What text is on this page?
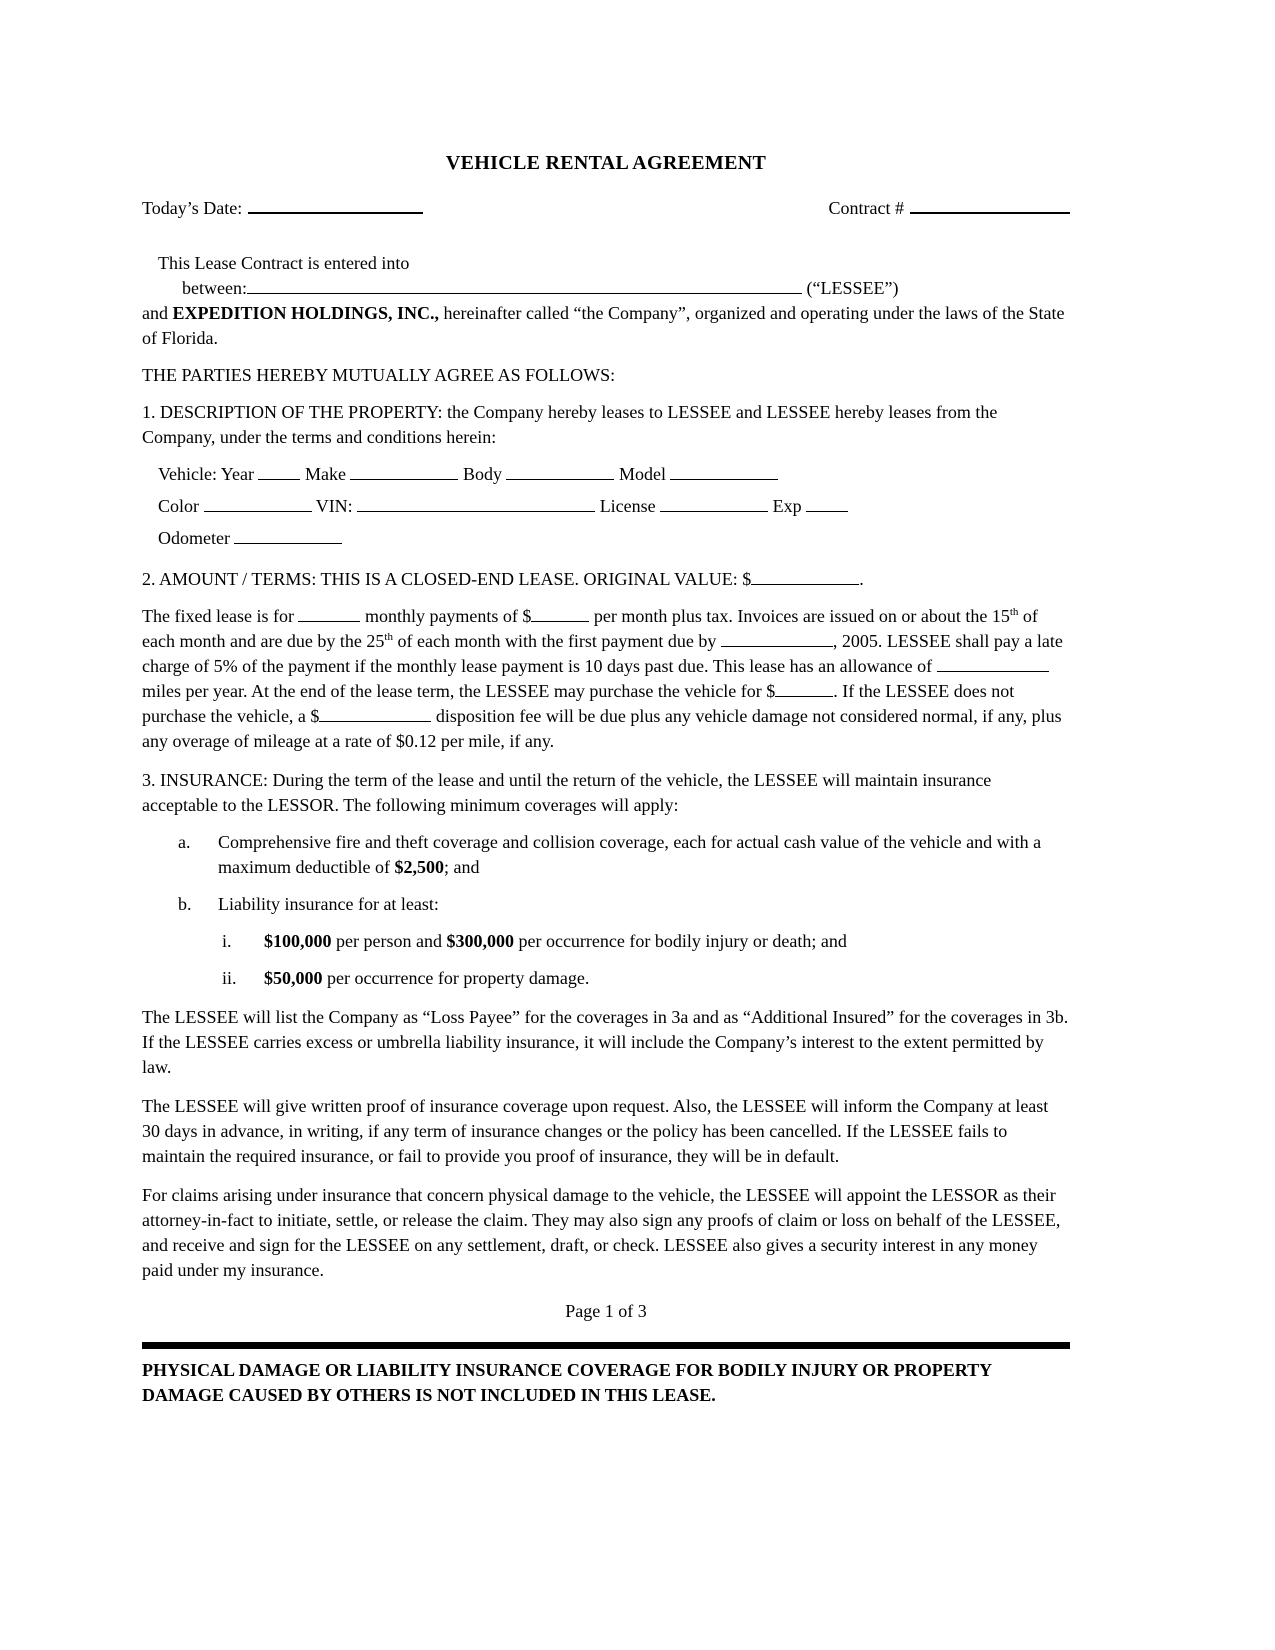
VEHICLE RENTAL AGREEMENT
Today’s Date:	Contract #

This Lease Contract is entered into

between:	(“LESSEE”)

and EXPEDITION HOLDINGS, INC., hereinafter called “the Company”, organized and operating under the laws of the State of Florida.

THE PARTIES HEREBY MUTUALLY AGREE AS FOLLOWS:

1. DESCRIPTION OF THE PROPERTY: the Company hereby leases to LESSEE and LESSEE hereby leases from the Company, under the terms and conditions herein:

Vehicle: Year  Make	Body	Model

Color	VIN:	License	Exp

Odometer

2. AMOUNT / TERMS: THIS IS A CLOSED-END LEASE. ORIGINAL VALUE: $	.

The fixed lease is for	monthly payments of $	per month plus tax. Invoices are issued on or about the 15th of each month and are due by the 25th of each month with the first payment due by	, 2005. LESSEE shall pay a late charge of 5% of the payment if the monthly lease payment is 10 days past due. This lease has an allowance of  miles per year. At the end of the lease term, the LESSEE may purchase the vehicle for $	. If the LESSEE does not purchase the vehicle, a $	disposition fee will be due plus any vehicle damage not considered normal, if any, plus any overage of mileage at a rate of $0.12 per mile, if any.

3. INSURANCE: During the term of the lease and until the return of the vehicle, the LESSEE will maintain insurance acceptable to the LESSOR. The following minimum coverages will apply:

a.	Comprehensive fire and theft coverage and collision coverage, each for actual cash value of the vehicle and with a maximum deductible of $2,500; and
b.	Liability insurance for at least:
i.	$100,000 per person and $300,000 per occurrence for bodily injury or death; and
ii.	$50,000 per occurrence for property damage.

The LESSEE will list the Company as “Loss Payee” for the coverages in 3a and as “Additional Insured” for the coverages in 3b. If the LESSEE carries excess or umbrella liability insurance, it will include the Company’s interest to the extent permitted by law.

The LESSEE will give written proof of insurance coverage upon request. Also, the LESSEE will inform the Company at least 30 days in advance, in writing, if any term of insurance changes or the policy has been cancelled. If the LESSEE fails to maintain the required insurance, or fail to provide you proof of insurance, they will be in default.

For claims arising under insurance that concern physical damage to the vehicle, the LESSEE will appoint the LESSOR as their attorney-in-fact to initiate, settle, or release the claim. They may also sign any proofs of claim or loss on behalf of the LESSEE, and receive and sign for the LESSEE on any settlement, draft, or check. LESSEE also gives a security interest in any money paid under my insurance.

Page 1 of 3

PHYSICAL DAMAGE OR LIABILITY INSURANCE COVERAGE FOR BODILY INJURY OR PROPERTY DAMAGE CAUSED BY OTHERS IS NOT INCLUDED IN THIS LEASE.
